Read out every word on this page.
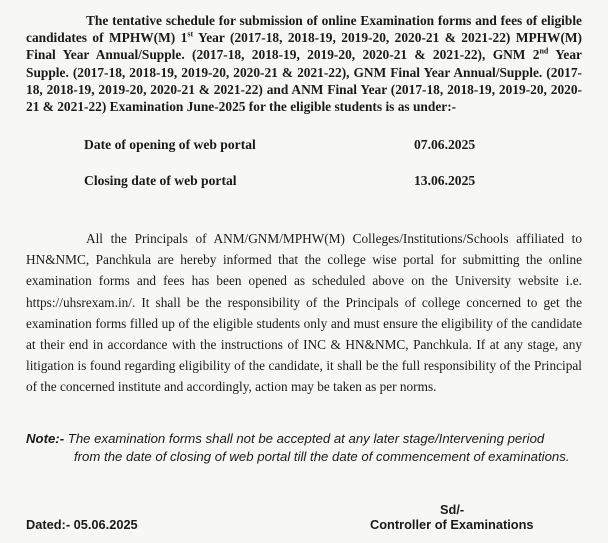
The tentative schedule for submission of online Examination forms and fees of eligible candidates of MPHW(M) 1st Year (2017-18, 2018-19, 2019-20, 2020-21 & 2021-22) MPHW(M) Final Year Annual/Supple. (2017-18, 2018-19, 2019-20, 2020-21 & 2021-22), GNM 2nd Year Supple. (2017-18, 2018-19, 2019-20, 2020-21 & 2021-22), GNM Final Year Annual/Supple. (2017-18, 2018-19, 2019-20, 2020-21 & 2021-22) and ANM Final Year (2017-18, 2018-19, 2019-20, 2020-21 & 2021-22) Examination June-2025 for the eligible students is as under:-

Date of opening of web portal	07.06.2025
Closing date of web portal	13.06.2025

All the Principals of ANM/GNM/MPHW(M) Colleges/Institutions/Schools affiliated to HN&NMC, Panchkula are hereby informed that the college wise portal for submitting the online examination forms and fees has been opened as scheduled above on the University website i.e. https://uhsrexam.in/. It shall be the responsibility of the Principals of college concerned to get the examination forms filled up of the eligible students only and must ensure the eligibility of the candidate at their end in accordance with the instructions of INC & HN&NMC, Panchkula. If at any stage, any litigation is found regarding eligibility of the candidate, it shall be the full responsibility of the Principal of the concerned institute and accordingly, action may be taken as per norms.

Note:- The examination forms shall not be accepted at any later stage/Intervening period
from the date of closing of web portal till the date of commencement of examinations.
Sd/-
Controller of Examinations
Dated:- 05.06.2025
